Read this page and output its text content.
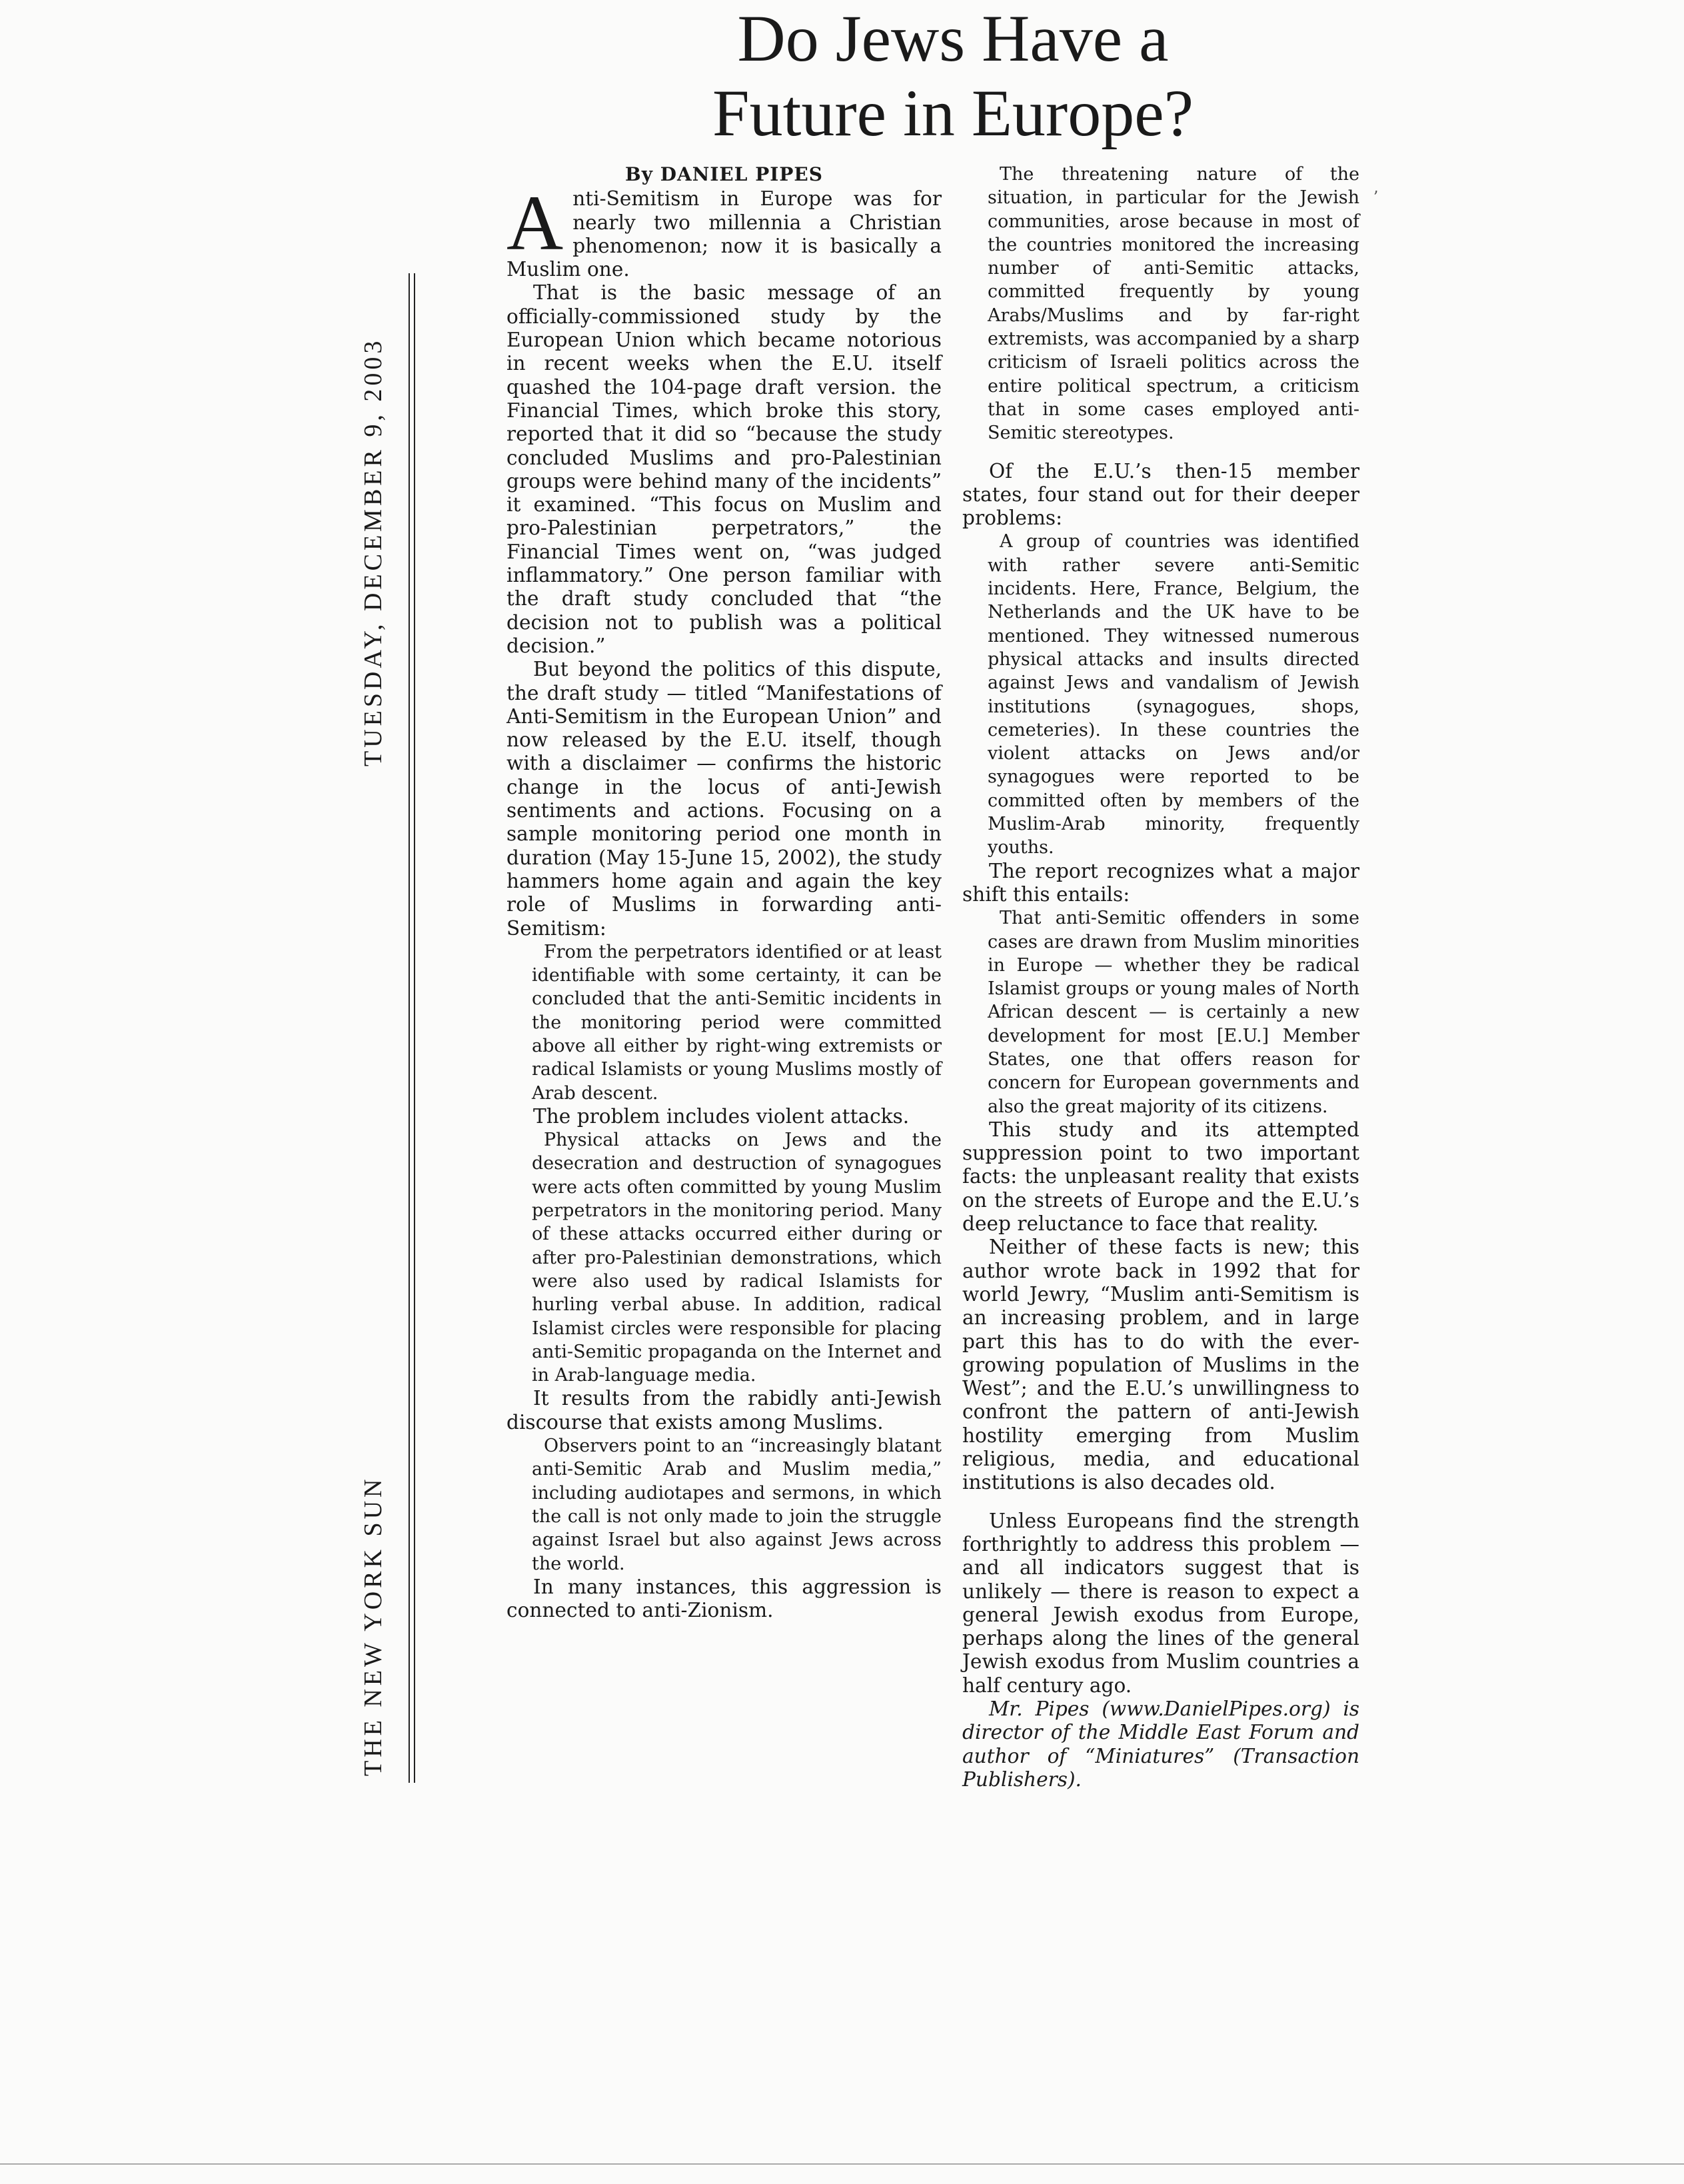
Do Jews Have a
Future in Europe?
TUESDAY, DECEMBER 9, 2003
THE NEW YORK SUN
ʼ
By DANIEL PIPES

Anti-Semitism in Europe was for nearly two millennia a Christian phenomenon; now it is basically a Muslim one.

That is the basic message of an officially-commissioned study by the European Union which became notorious in recent weeks when the E.U. itself quashed the 104-page draft version. the Financial Times, which broke this story, reported that it did so “because the study concluded Muslims and pro-Palestinian groups were behind many of the incidents” it examined. “This focus on Muslim and pro-Palestinian perpetrators,” the Financial Times went on, “was judged inflammatory.” One person familiar with the draft study concluded that “the decision not to publish was a political decision.”

But beyond the politics of this dispute, the draft study — titled “Manifestations of Anti-Semitism in the European Union” and now released by the E.U. itself, though with a disclaimer — confirms the historic change in the locus of anti-Jewish sentiments and actions. Focusing on a sample monitoring period one month in duration (May 15-June 15, 2002), the study hammers home again and again the key role of Muslims in forwarding anti-Semitism:

From the perpetrators identified or at least identifiable with some certainty, it can be concluded that the anti-Semitic incidents in the monitoring period were committed above all either by right-wing extremists or radical Islamists or young Muslims mostly of Arab descent.

The problem includes violent attacks.

Physical attacks on Jews and the desecration and destruction of synagogues were acts often committed by young Muslim perpetrators in the monitoring period. Many of these attacks occurred either during or after pro-Palestinian demonstrations, which were also used by radical Islamists for hurling verbal abuse. In addition, radical Islamist circles were responsible for placing anti-Semitic propaganda on the Internet and in Arab-language media.

It results from the rabidly anti-Jewish discourse that exists among Muslims.

Observers point to an “increasingly blatant anti-Semitic Arab and Muslim media,” including audiotapes and sermons, in which the call is not only made to join the struggle against Israel but also against Jews across the world.

In many instances, this aggression is connected to anti-Zionism.

The threatening nature of the situation, in particular for the Jewish communities, arose because in most of the countries monitored the increasing number of anti-Semitic attacks, committed frequently by young Arabs/Muslims and by far-right extremists, was accompanied by a sharp criticism of Israeli politics across the entire political spectrum, a criticism that in some cases employed anti-Semitic stereotypes.

Of the E.U.’s then-15 member states, four stand out for their deeper problems:

A group of countries was identified with rather severe anti-Semitic incidents. Here, France, Belgium, the Netherlands and the UK have to be mentioned. They witnessed numerous physical attacks and insults directed against Jews and vandalism of Jewish institutions (synagogues, shops, cemeteries). In these countries the violent attacks on Jews and/or synagogues were reported to be committed often by members of the Muslim-Arab minority, frequently youths.

The report recognizes what a major shift this entails:

That anti-Semitic offenders in some cases are drawn from Muslim minorities in Europe — whether they be radical Islamist groups or young males of North African descent — is certainly a new development for most [E.U.] Member States, one that offers reason for concern for European governments and also the great majority of its citizens.

This study and its attempted suppression point to two important facts: the unpleasant reality that exists on the streets of Europe and the E.U.’s deep reluctance to face that reality.

Neither of these facts is new; this author wrote back in 1992 that for world Jewry, “Muslim anti-Semitism is an increasing problem, and in large part this has to do with the ever-growing population of Muslims in the West”; and the E.U.’s unwillingness to confront the pattern of anti-Jewish hostility emerging from Muslim religious, media, and educational institutions is also decades old.

Unless Europeans find the strength forthrightly to address this problem — and all indicators suggest that is unlikely — there is reason to expect a general Jewish exodus from Europe, perhaps along the lines of the general Jewish exodus from Muslim countries a half century ago.

Mr. Pipes (www.DanielPipes.org) is director of the Middle East Forum and author of “Miniatures” (Transaction Publishers).
